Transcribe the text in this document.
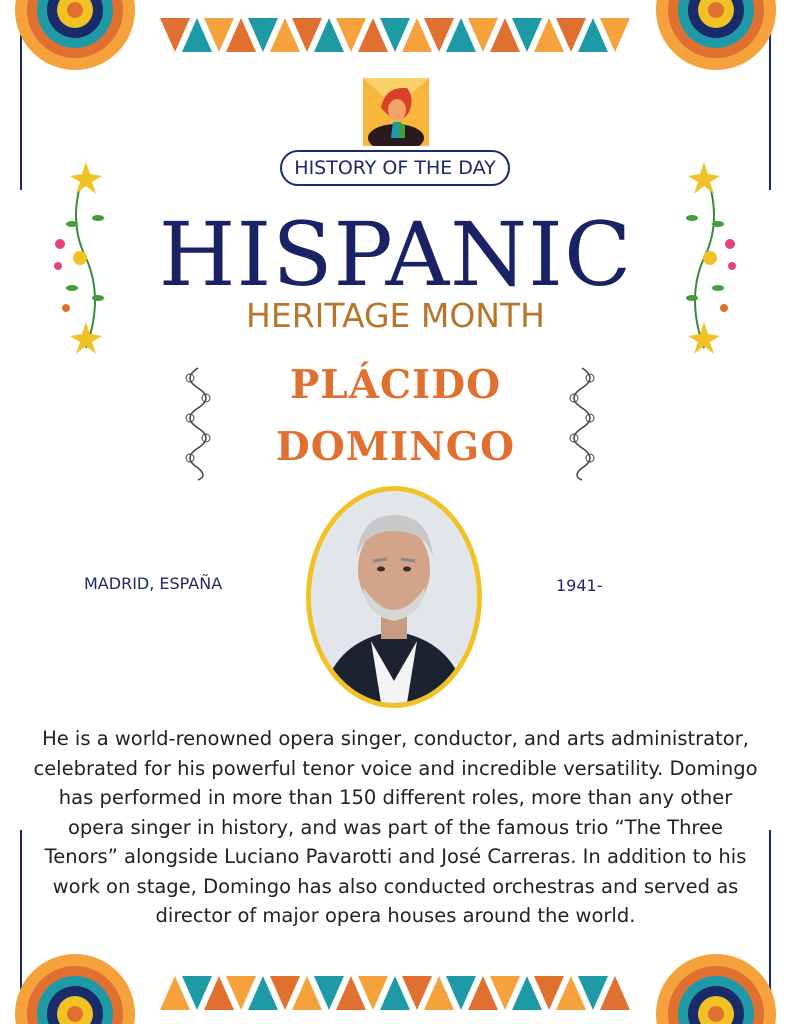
HISTORY OF THE DAY
HISPANIC
HERITAGE MONTH
PLÁCIDO
DOMINGO
MADRID, ESPAÑA	1941-
He is a world-renowned opera singer, conductor, and arts administrator, celebrated for his powerful tenor voice and incredible versatility. Domingo has performed in more than 150 different roles, more than any other opera singer in history, and was part of the famous trio “The Three Tenors” alongside Luciano Pavarotti and José Carreras. In addition to his work on stage, Domingo has also conducted orchestras and served as director of major opera houses around the world.
